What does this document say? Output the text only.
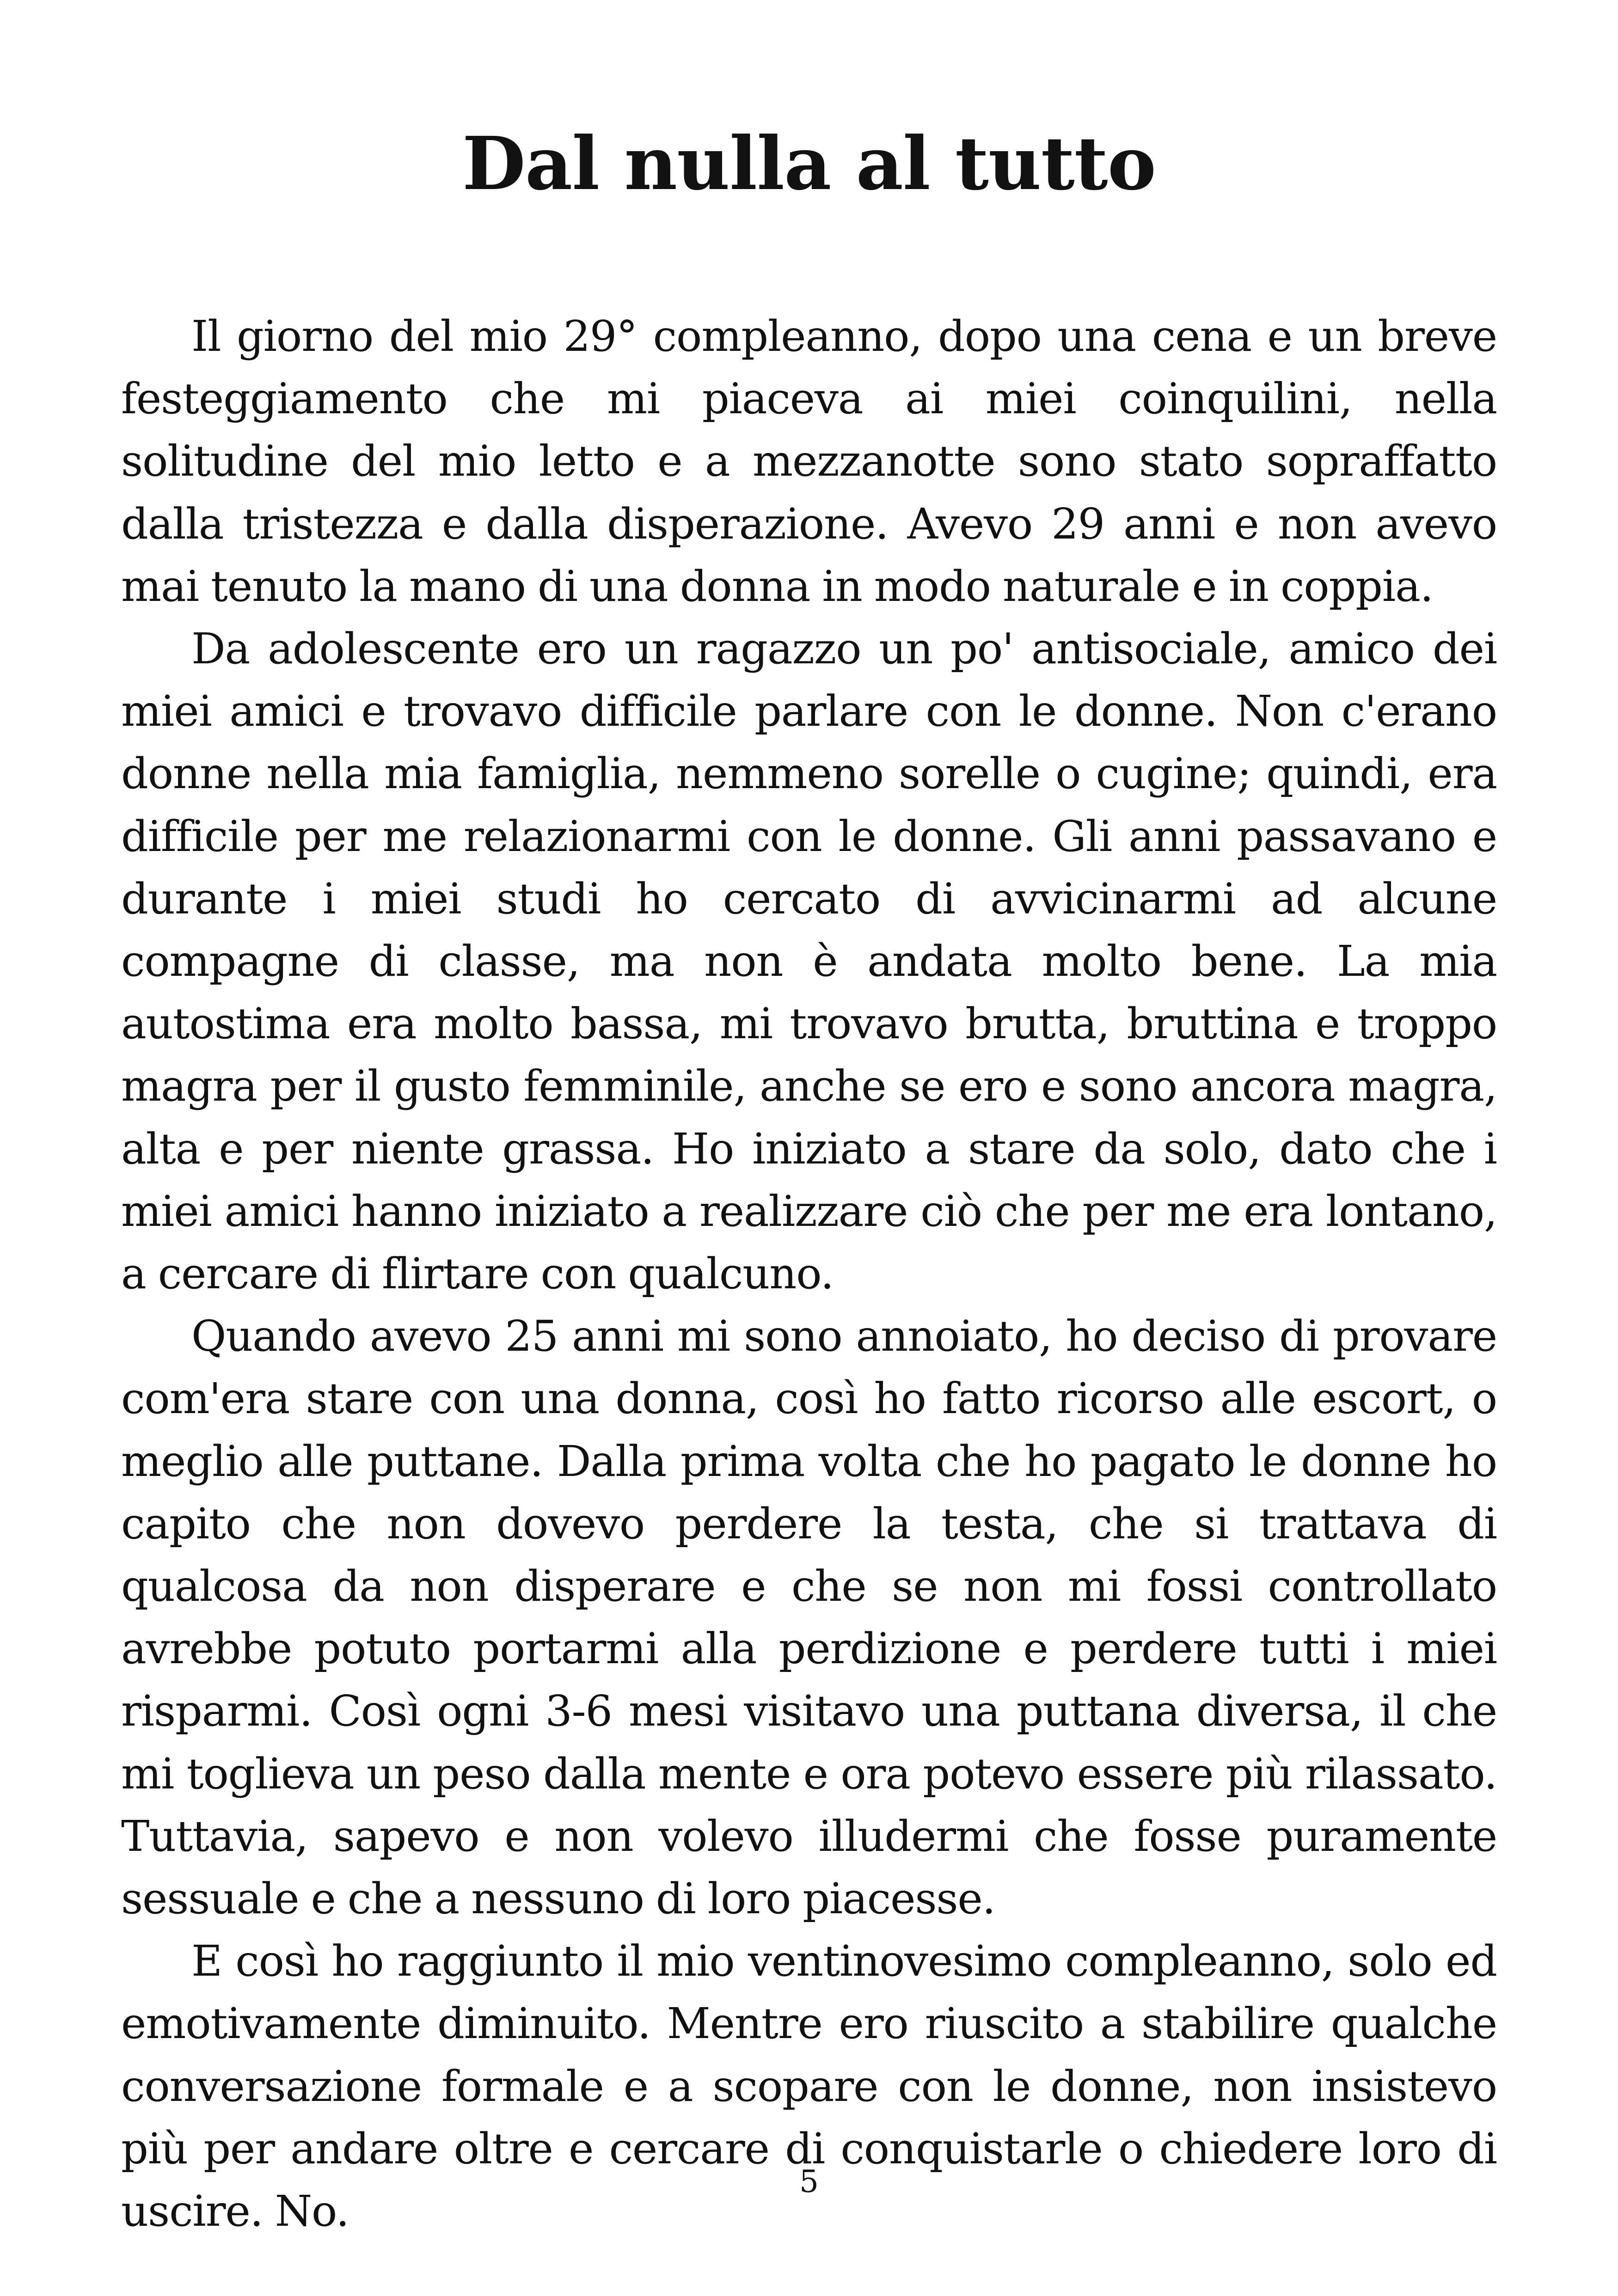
Dal nulla al tutto

Il giorno del mio 29° compleanno, dopo una cena e un breve festeggiamento che mi piaceva ai miei coinquilini, nella solitudine del mio letto e a mezzanotte sono stato sopraffatto dalla tristezza e dalla disperazione. Avevo 29 anni e non avevo mai tenuto la mano di una donna in modo naturale e in coppia.

Da adolescente ero un ragazzo un po' antisociale, amico dei miei amici e trovavo difficile parlare con le donne. Non c'erano donne nella mia famiglia, nemmeno sorelle o cugine; quindi, era difficile per me relazionarmi con le donne. Gli anni passavano e durante i miei studi ho cercato di avvicinarmi ad alcune compagne di classe, ma non è andata molto bene. La mia autostima era molto bassa, mi trovavo brutta, bruttina e troppo magra per il gusto femminile, anche se ero e sono ancora magra, alta e per niente grassa. Ho iniziato a stare da solo, dato che i miei amici hanno iniziato a realizzare ciò che per me era lontano, a cercare di flirtare con qualcuno.

Quando avevo 25 anni mi sono annoiato, ho deciso di provare com'era stare con una donna, così ho fatto ricorso alle escort, o meglio alle puttane. Dalla prima volta che ho pagato le donne ho capito che non dovevo perdere la testa, che si trattava di qualcosa da non disperare e che se non mi fossi controllato avrebbe potuto portarmi alla perdizione e perdere tutti i miei risparmi. Così ogni 3-6 mesi visitavo una puttana diversa, il che mi toglieva un peso dalla mente e ora potevo essere più rilassato. Tuttavia, sapevo e non volevo illudermi che fosse puramente sessuale e che a nessuno di loro piacesse.

E così ho raggiunto il mio ventinovesimo compleanno, solo ed emotivamente diminuito. Mentre ero riuscito a stabilire qualche conversazione formale e a scopare con le donne, non insistevo più per andare oltre e cercare di conquistarle o chiedere loro di uscire. No.

5
